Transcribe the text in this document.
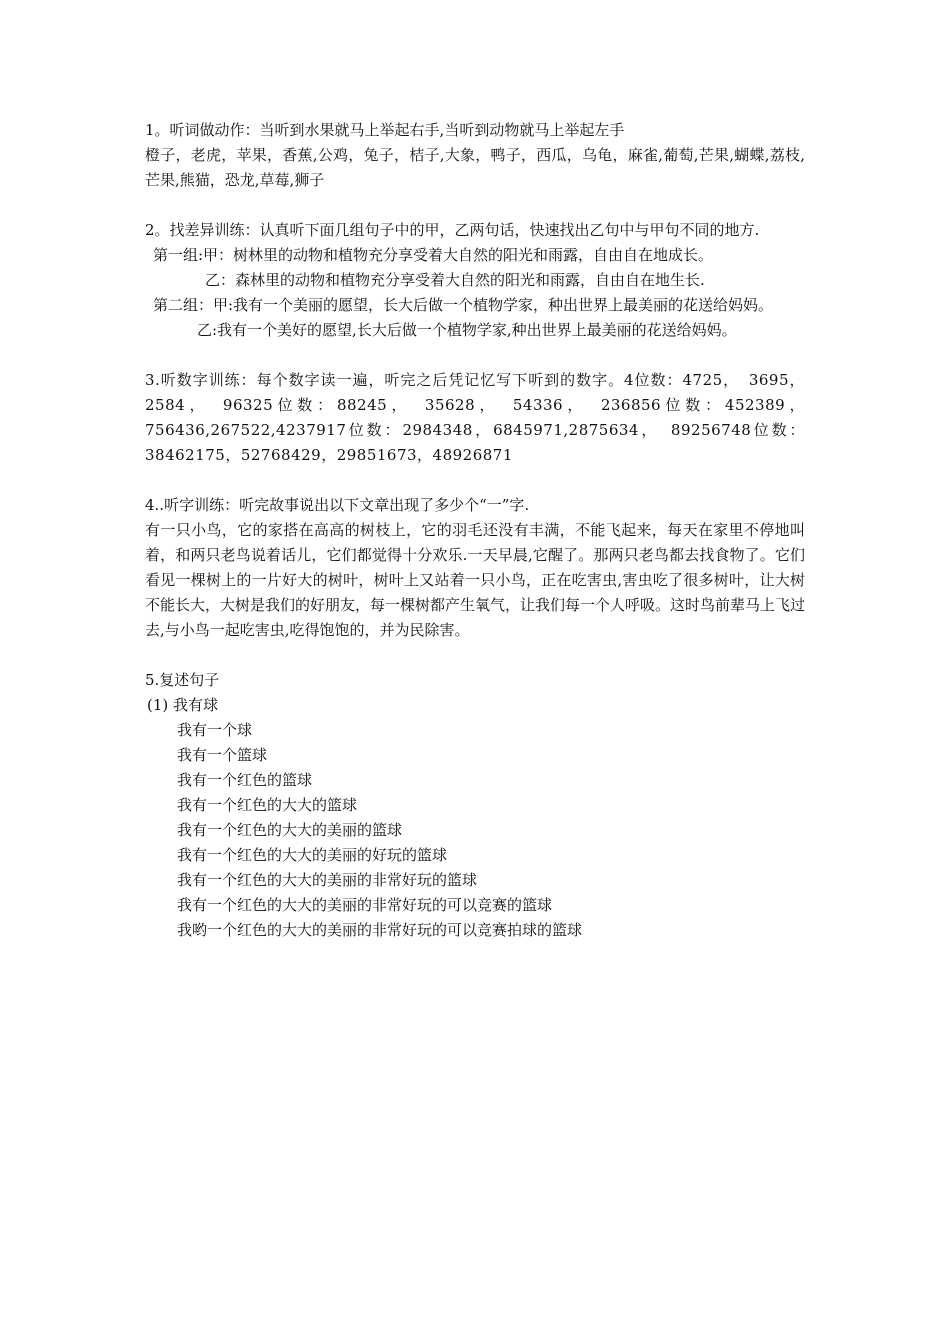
1。听词做动作：当听到水果就马上举起右手,当听到动物就马上举起左手
橙子，老虎，苹果，香蕉,公鸡，兔子，桔子,大象，鸭子，西瓜，乌龟，麻雀,葡萄,芒果,蝴蝶,荔枝,芒果,熊猫，恐龙,草莓,狮子
2。找差异训练：认真听下面几组句子中的甲，乙两句话，快速找出乙句中与甲句不同的地方.
第一组:甲：树林里的动物和植物充分享受着大自然的阳光和雨露，自由自在地成长。
乙：森林里的动物和植物充分享受着大自然的阳光和雨露，自由自在地生长.
第二组：甲:我有一个美丽的愿望，长大后做一个植物学家，种出世界上最美丽的花送给妈妈。
乙:我有一个美好的愿望,长大后做一个植物学家,种出世界上最美丽的花送给妈妈。
3.听数字训练：每个数字读一遍，听完之后凭记忆写下听到的数字。4位数：4725， 3695， 2584， 96325位数：88245， 35628， 54336， 236856位数：452389，756436,267522,4237917位数：2984348，6845971,2875634， 89256748位数：38462175，52768429，29851673，48926871
4..听字训练：听完故事说出以下文章出现了多少个“一”字.
有一只小鸟，它的家搭在高高的树枝上，它的羽毛还没有丰满，不能飞起来，每天在家里不停地叫着，和两只老鸟说着话儿，它们都觉得十分欢乐.一天早晨,它醒了。那两只老鸟都去找食物了。它们看见一棵树上的一片好大的树叶，树叶上又站着一只小鸟，正在吃害虫,害虫吃了很多树叶，让大树不能长大，大树是我们的好朋友，每一棵树都产生氧气，让我们每一个人呼吸。这时鸟前辈马上飞过去,与小鸟一起吃害虫,吃得饱饱的，并为民除害。
5.复述句子
(1) 我有球
我有一个球
我有一个篮球
我有一个红色的篮球
我有一个红色的大大的篮球
我有一个红色的大大的美丽的篮球
我有一个红色的大大的美丽的好玩的篮球
我有一个红色的大大的美丽的非常好玩的篮球
我有一个红色的大大的美丽的非常好玩的可以竞赛的篮球
我哟一个红色的大大的美丽的非常好玩的可以竞赛拍球的篮球
